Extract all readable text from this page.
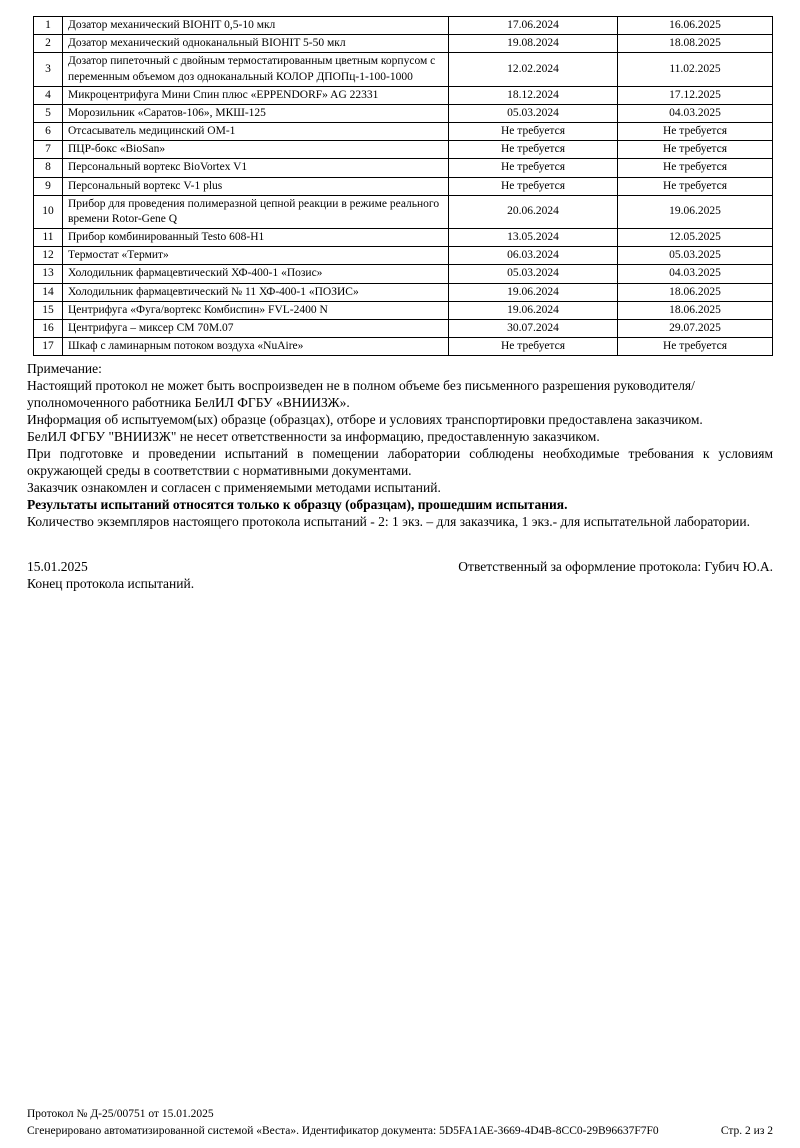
1	Дозатор механический BIOHIT 0,5-10 мкл	17.06.2024	16.06.2025
2	Дозатор механический одноканальный BIOHIT 5-50 мкл	19.08.2024	18.08.2025
3	Дозатор пипеточный с двойным термостатированным цветным корпусом с переменным объемом доз одноканальный КОЛОР ДПОПц-1-100-1000	12.02.2024	11.02.2025
4	Микроцентрифуга Мини Спин плюс «EPPENDORF» AG 22331	18.12.2024	17.12.2025
5	Морозильник «Саратов-106», МКШ-125	05.03.2024	04.03.2025
6	Отсасыватель медицинский ОМ-1	Не требуется	Не требуется
7	ПЦР-бокс «BioSan»	Не требуется	Не требуется
8	Персональный вортекс BioVortex V1	Не требуется	Не требуется
9	Персональный вортекс V-1 plus	Не требуется	Не требуется
10	Прибор для проведения полимеразной цепной реакции в режиме реального времени Rotor-Gene Q	20.06.2024	19.06.2025
11	Прибор комбинированный Testo 608-H1	13.05.2024	12.05.2025
12	Термостат «Термит»	06.03.2024	05.03.2025
13	Холодильник фармацевтический ХФ-400-1 «Позис»	05.03.2024	04.03.2025
14	Холодильник фармацевтический № 11 ХФ-400-1 «ПОЗИС»	19.06.2024	18.06.2025
15	Центрифуга «Фуга/вортекс Комбиспин» FVL-2400 N	19.06.2024	18.06.2025
16	Центрифуга – миксер СМ 70М.07	30.07.2024	29.07.2025
17	Шкаф с ламинарным потоком воздуха «NuAire»	Не требуется	Не требуется

Примечание:

Настоящий протокол не может быть воспроизведен не в полном объеме без письменного разрешения руководителя/уполномоченного работника БелИЛ ФГБУ «ВНИИЗЖ».

Информация об испытуемом(ых) образце (образцах), отборе и условиях транспортировки предоставлена заказчиком.

БелИЛ ФГБУ "ВНИИЗЖ" не несет ответственности за информацию, предоставленную заказчиком.

При подготовке и проведении испытаний в помещении лаборатории соблюдены необходимые требования к условиям окружающей среды в соответствии с нормативными документами.

Заказчик ознакомлен и согласен с применяемыми методами испытаний.

Результаты испытаний относятся только к образцу (образцам), прошедшим испытания.

Количество экземпляров настоящего протокола испытаний - 2: 1 экз. – для заказчика, 1 экз.- для испытательной лаборатории.

15.01.2025	Ответственный за оформление протокола: Губич Ю.А.
Конец протокола испытаний.
Протокол № Д-25/00751 от 15.01.2025
Сгенерировано автоматизированной системой «Веста». Идентификатор документа: 5D5FA1AE-3669-4D4B-8CC0-29B96637F7F0	Стр. 2 из 2
